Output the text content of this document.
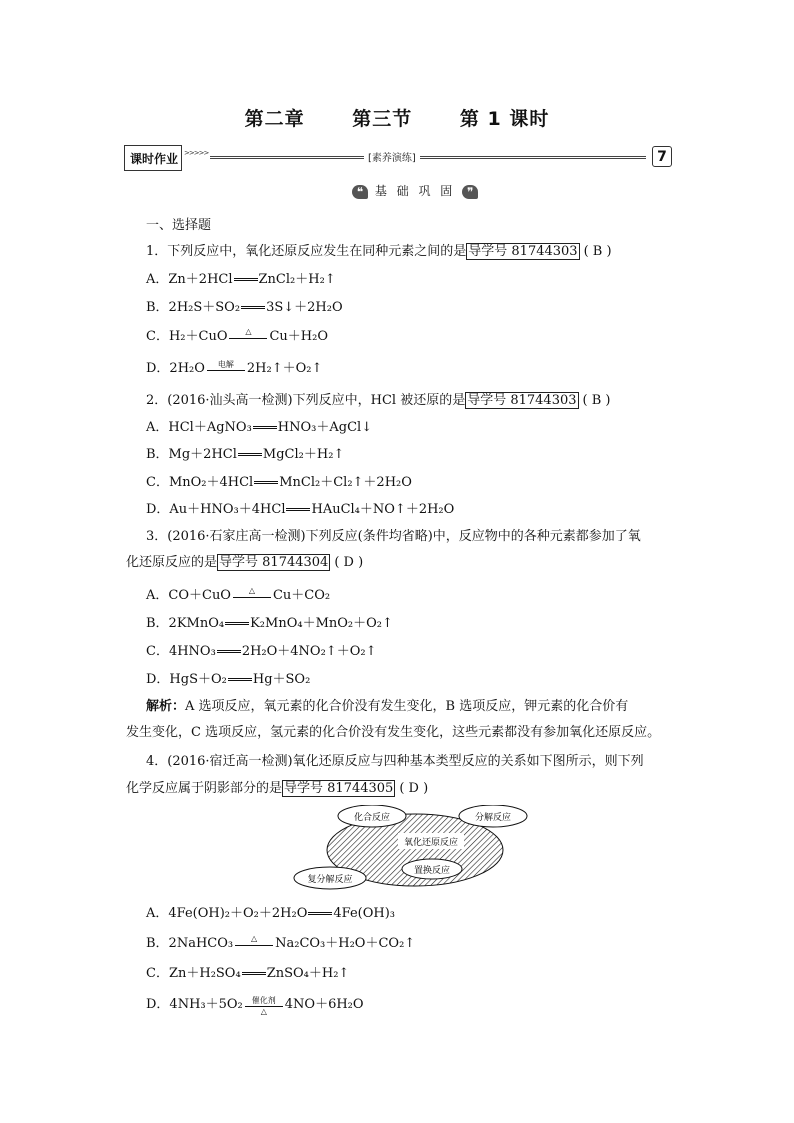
第二章	第三节	第 1 课时
课时作业 >>>>>	[素养演练]	7
❝ 基 础 巩 固 ❞
一、选择题
1．下列反应中，氧化还原反应发生在同种元素之间的是 导学号 81744303 ( B )
A．Zn＋2HCl ZnCl₂＋H₂↑
B．2H₂S＋SO₂ 3S↓＋2H₂O
C．H₂＋CuO	△	Cu＋H₂O
D．2H₂O	电解	2H₂↑＋O₂↑
2．(2016·汕头高一检测)下列反应中，HCl 被还原的是 导学号 81744303 ( B )
A．HCl＋AgNO₃ HNO₃＋AgCl↓
B．Mg＋2HCl MgCl₂＋H₂↑
C．MnO₂＋4HCl MnCl₂＋Cl₂↑＋2H₂O
D．Au＋HNO₃＋4HCl HAuCl₄＋NO↑＋2H₂O
3．(2016·石家庄高一检测)下列反应(条件均省略)中，反应物中的各种元素都参加了氧
化还原反应的是 导学号 81744304 ( D )
A．CO＋CuO	△	Cu＋CO₂
B．2KMnO₄ K₂MnO₄＋MnO₂＋O₂↑
C．4HNO₃ 2H₂O＋4NO₂↑＋O₂↑
D．HgS＋O₂ Hg＋SO₂
解析：A 选项反应，氧元素的化合价没有发生变化，B 选项反应，钾元素的化合价有
发生变化，C 选项反应，氢元素的化合价没有发生变化，这些元素都没有参加氧化还原反应。
4．(2016·宿迁高一检测)氧化还原反应与四种基本类型反应的关系如下图所示，则下列
化学反应属于阴影部分的是 导学号 81744305 ( D )
氧化还原反应
化合反应	分解反应
置换反应
复分解反应
A．4Fe(OH)₂＋O₂＋2H₂O 4Fe(OH)₃
B．2NaHCO₃	△	Na₂CO₃＋H₂O＋CO₂↑
C．Zn＋H₂SO₄ ZnSO₄＋H₂↑
D．4NH₃＋5O₂	催化剂
△	4NO＋6H₂O
